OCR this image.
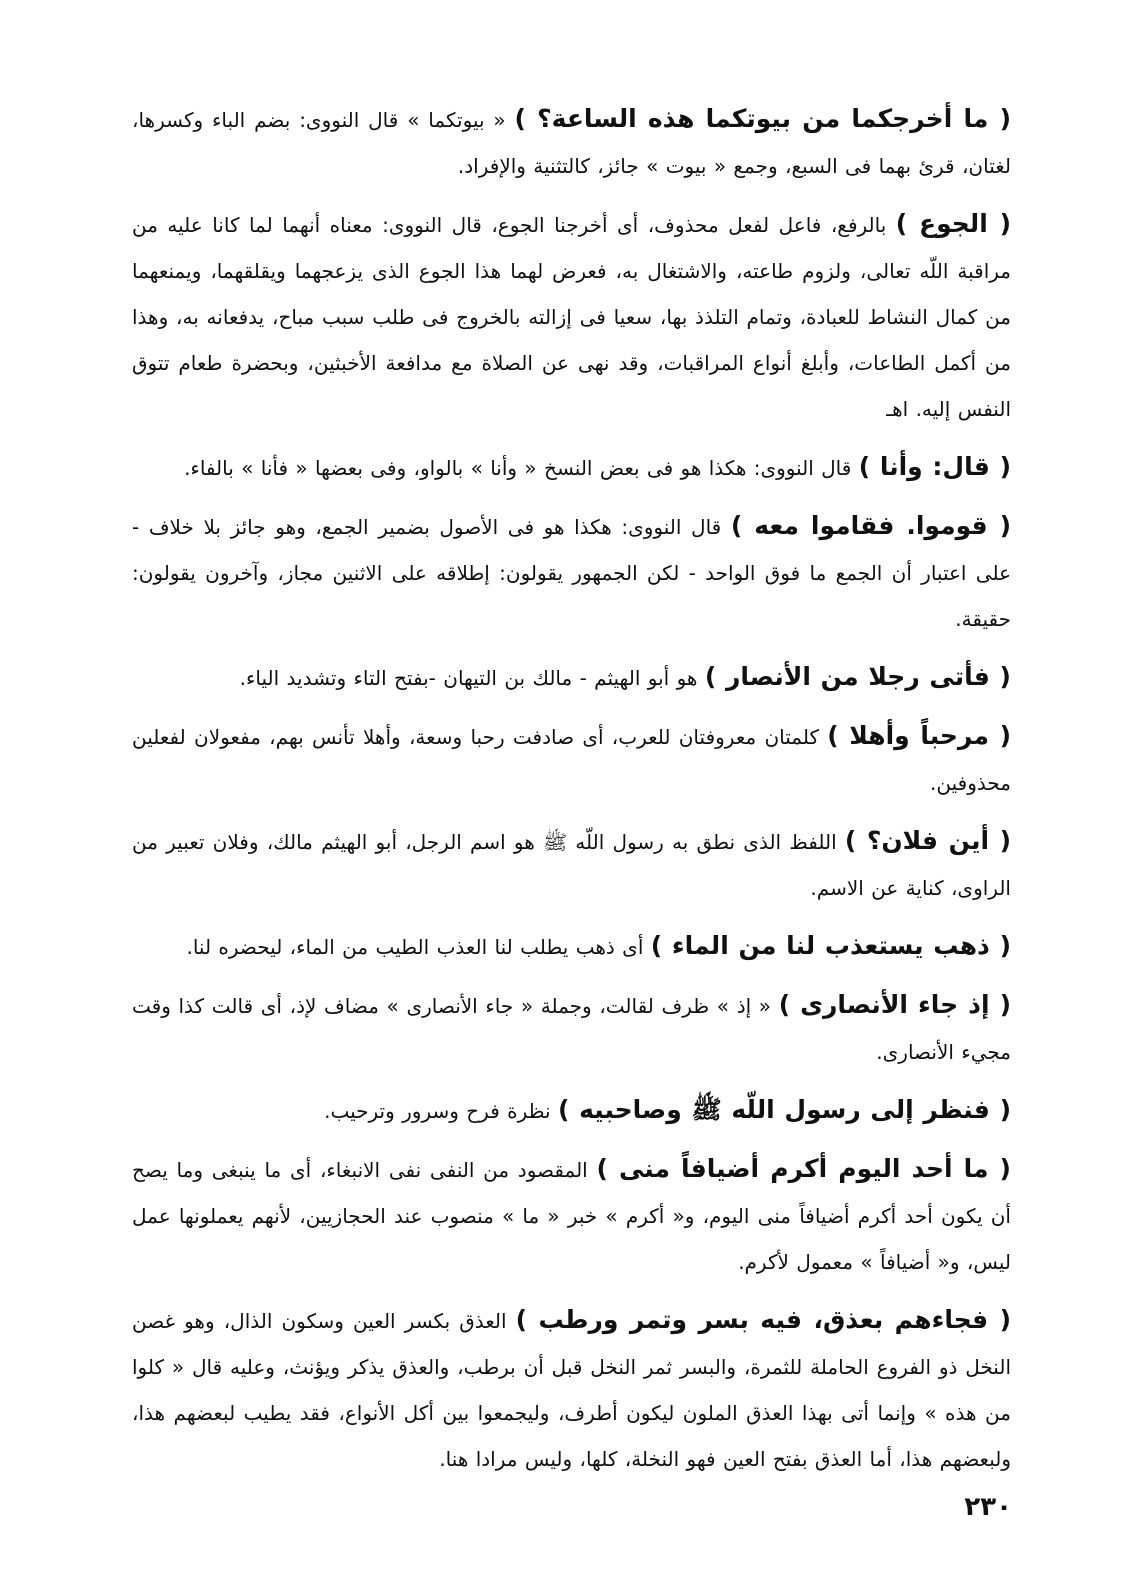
( ما أخرجكما من بيوتكما هذه الساعة؟ ) « بيوتكما » قال النووى: بضم الباء وكسرها، لغتان، قرئ بهما فى السبع، وجمع « بيوت » جائز، كالتثنية والإفراد.

( الجوع ) بالرفع، فاعل لفعل محذوف، أى أخرجنا الجوع، قال النووى: معناه أنهما لما كانا عليه من مراقبة اللّه تعالى، ولزوم طاعته، والاشتغال به، فعرض لهما هذا الجوع الذى يزعجهما ويقلقهما، ويمنعهما من كمال النشاط للعبادة، وتمام التلذذ بها، سعيا فى إزالته بالخروج فى طلب سبب مباح، يدفعانه به، وهذا من أكمل الطاعات، وأبلغ أنواع المراقبات، وقد نهى عن الصلاة مع مدافعة الأخبثين، وبحضرة طعام تتوق النفس إليه. اهـ

( قال: وأنا ) قال النووى: هكذا هو فى بعض النسخ « وأنا » بالواو، وفى بعضها « فأنا » بالفاء.

( قوموا. فقاموا معه ) قال النووى: هكذا هو فى الأصول بضمير الجمع، وهو جائز بلا خلاف - على اعتبار أن الجمع ما فوق الواحد - لكن الجمهور يقولون: إطلاقه على الاثنين مجاز، وآخرون يقولون: حقيقة.

( فأتى رجلا من الأنصار ) هو أبو الهيثم - مالك بن التيهان -بفتح التاء وتشديد الياء.

( مرحباً وأهلا ) كلمتان معروفتان للعرب، أى صادفت رحبا وسعة، وأهلا تأنس بهم، مفعولان لفعلين محذوفين.

( أين فلان؟ ) اللفظ الذى نطق به رسول اللّه ﷺ هو اسم الرجل، أبو الهيثم مالك، وفلان تعبير من الراوى، كناية عن الاسم.

( ذهب يستعذب لنا من الماء ) أى ذهب يطلب لنا العذب الطيب من الماء، ليحضره لنا.

( إذ جاء الأنصارى ) « إذ » ظرف لقالت، وجملة « جاء الأنصارى » مضاف لإذ، أى قالت كذا وقت مجيء الأنصارى.

( فنظر إلى رسول اللّه ﷺ وصاحبيه ) نظرة فرح وسرور وترحيب.

( ما أحد اليوم أكرم أضيافاً منى ) المقصود من النفى نفى الانبغاء، أى ما ينبغى وما يصح أن يكون أحد أكرم أضيافاً منى اليوم، و« أكرم » خبر « ما » منصوب عند الحجازيين، لأنهم يعملونها عمل ليس، و« أضيافاً » معمول لأكرم.

( فجاءهم بعذق، فيه بسر وتمر ورطب ) العذق بكسر العين وسكون الذال، وهو غصن النخل ذو الفروع الحاملة للثمرة، والبسر ثمر النخل قبل أن برطب، والعذق يذكر ويؤنث، وعليه قال « كلوا من هذه » وإنما أتى بهذا العذق الملون ليكون أطرف، وليجمعوا بين أكل الأنواع، فقد يطيب لبعضهم هذا، ولبعضهم هذا، أما العذق بفتح العين فهو النخلة، كلها، وليس مرادا هنا.

٢٣٠
